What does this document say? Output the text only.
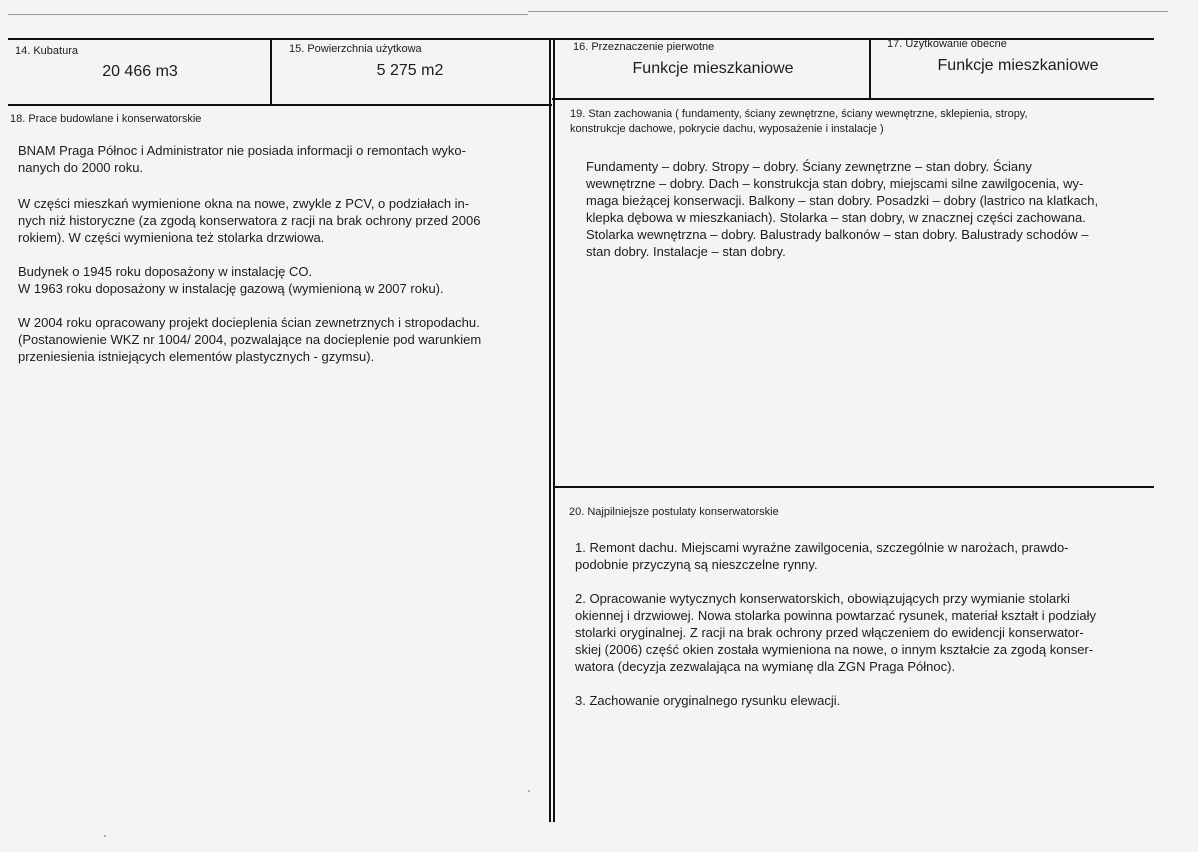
14. Kubatura
20 466 m3
15. Powierzchnia użytkowa
5 275 m2
16. Przeznaczenie pierwotne
Funkcje mieszkaniowe
17. Użytkowanie obecne
Funkcje mieszkaniowe
18. Prace budowlane i konserwatorskie

BNAM Praga Północ i Administrator nie posiada informacji o remontach wyko-
nanych do 2000 roku.

W części mieszkań wymienione okna na nowe, zwykle z PCV, o podziałach in-
nych niż historyczne (za zgodą konserwatora z racji na brak ochrony przed 2006
rokiem). W części wymieniona też stolarka drzwiowa.

Budynek o 1945 roku doposażony w instalację CO.
W 1963 roku doposażony w instalację gazową (wymienioną w 2007 roku).

W 2004 roku opracowany projekt docieplenia ścian zewnetrznych i stropodachu.
(Postanowienie WKZ nr 1004/ 2004, pozwalające na docieplenie pod warunkiem
przeniesienia istniejących elementów plastycznych - gzymsu).

19. Stan zachowania ( fundamenty, ściany zewnętrzne, ściany wewnętrzne, sklepienia, stropy,
konstrukcje dachowe, pokrycie dachu, wyposażenie i instalacje )

Fundamenty – dobry. Stropy – dobry. Ściany zewnętrzne – stan dobry. Ściany
wewnętrzne – dobry. Dach – konstrukcja stan dobry, miejscami silne zawilgocenia, wy-
maga bieżącej konserwacji. Balkony – stan dobry. Posadzki – dobry (lastrico na klatkach,
klepka dębowa w mieszkaniach). Stolarka – stan dobry, w znacznej części zachowana.
Stolarka wewnętrzna – dobry. Balustrady balkonów – stan dobry. Balustrady schodów –
stan dobry. Instalacje – stan dobry.

20. Najpilniejsze postulaty konserwatorskie

1. Remont dachu. Miejscami wyraźne zawilgocenia, szczególnie w narożach, prawdo-
podobnie przyczyną są nieszczelne rynny.

2. Opracowanie wytycznych konserwatorskich, obowiązujących przy wymianie stolarki
okiennej i drzwiowej. Nowa stolarka powinna powtarzać rysunek, materiał kształt i podziały
stolarki oryginalnej. Z racji na brak ochrony przed włączeniem do ewidencji konserwator-
skiej (2006) część okien została wymieniona na nowe, o innym kształcie za zgodą konser-
watora (decyzja zezwalająca na wymianę dla ZGN Praga Północ).

3. Zachowanie oryginalnego rysunku elewacji.
